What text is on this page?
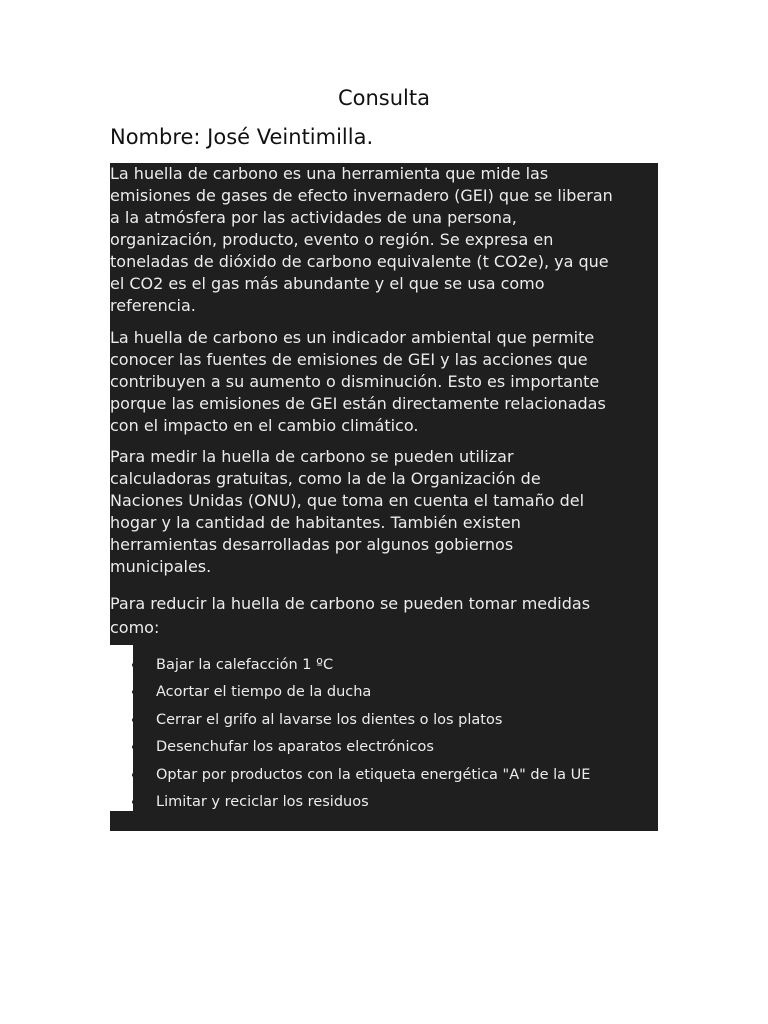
Consulta
Nombre: José Veintimilla.

La huella de carbono es una herramienta que mide las
emisiones de gases de efecto invernadero (GEI) que se liberan
a la atmósfera por las actividades de una persona,
organización, producto, evento o región. Se expresa en
toneladas de dióxido de carbono equivalente (t CO2e), ya que
el CO2 es el gas más abundante y el que se usa como
referencia.

La huella de carbono es un indicador ambiental que permite
conocer las fuentes de emisiones de GEI y las acciones que
contribuyen a su aumento o disminución. Esto es importante
porque las emisiones de GEI están directamente relacionadas
con el impacto en el cambio climático.

Para medir la huella de carbono se pueden utilizar
calculadoras gratuitas, como la de la Organización de
Naciones Unidas (ONU), que toma en cuenta el tamaño del
hogar y la cantidad de habitantes. También existen
herramientas desarrolladas por algunos gobiernos
municipales.

Para reducir la huella de carbono se pueden tomar medidas
como:

Bajar la calefacción 1 ºC
Acortar el tiempo de la ducha
Cerrar el grifo al lavarse los dientes o los platos
Desenchufar los aparatos electrónicos
Optar por productos con la etiqueta energética "A" de la UE
Limitar y reciclar los residuos
